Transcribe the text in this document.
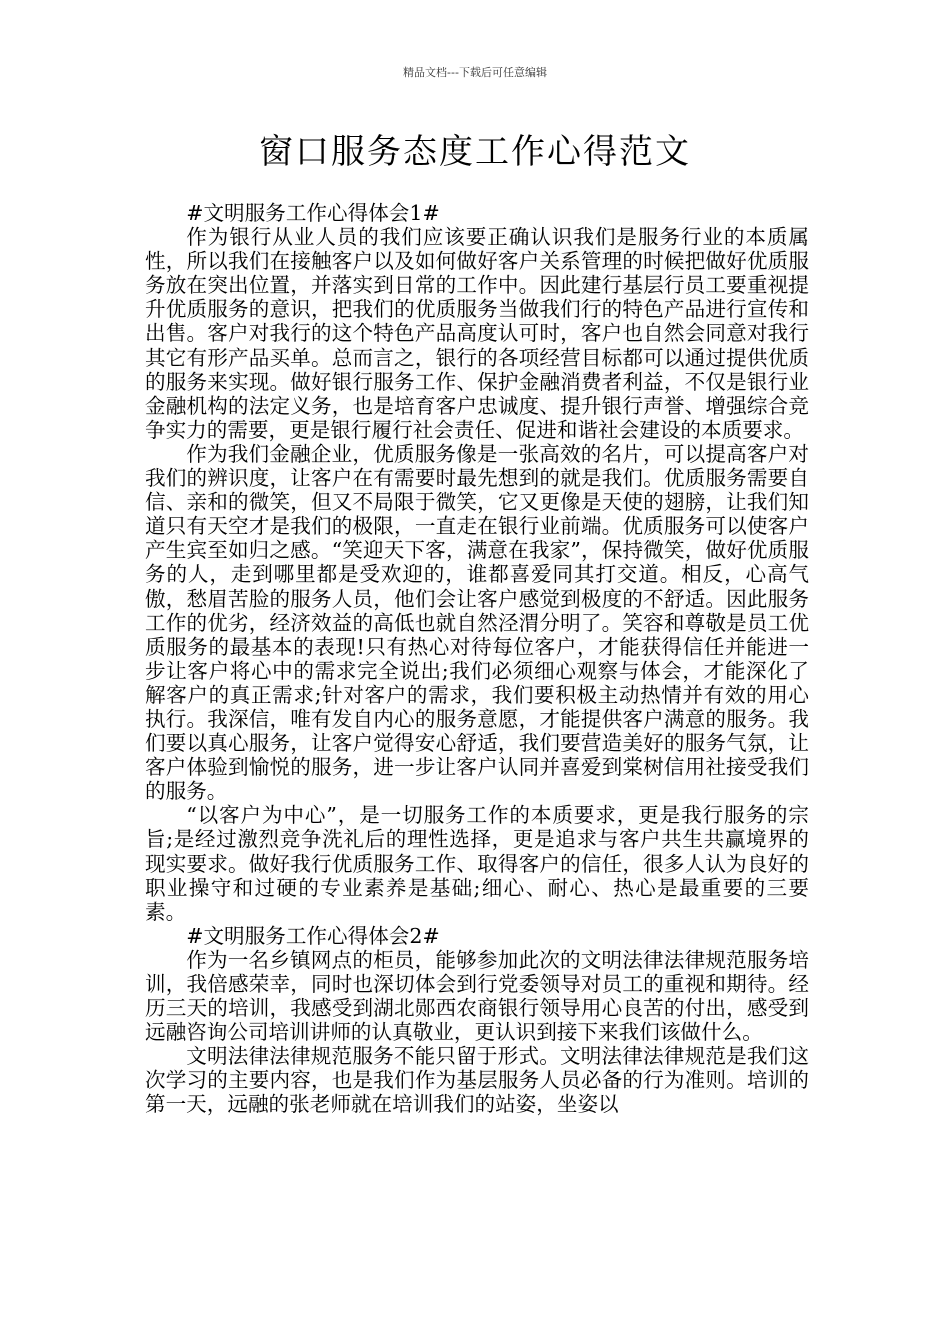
精品文档---下载后可任意编辑
窗口服务态度工作心得范文

#文明服务工作心得体会1#

作为银行从业人员的我们应该要正确认识我们是服务行业的本质属性，所以我们在接触客户以及如何做好客户关系管理的时候把做好优质服务放在突出位置，并落实到日常的工作中。因此建行基层行员工要重视提升优质服务的意识，把我们的优质服务当做我们行的特色产品进行宣传和出售。客户对我行的这个特色产品高度认可时，客户也自然会同意对我行其它有形产品买单。总而言之，银行的各项经营目标都可以通过提供优质的服务来实现。做好银行服务工作、保护金融消费者利益，不仅是银行业金融机构的法定义务，也是培育客户忠诚度、提升银行声誉、增强综合竞争实力的需要，更是银行履行社会责任、促进和谐社会建设的本质要求。

作为我们金融企业，优质服务像是一张高效的名片，可以提高客户对我们的辨识度，让客户在有需要时最先想到的就是我们。优质服务需要自信、亲和的微笑，但又不局限于微笑，它又更像是天使的翅膀，让我们知道只有天空才是我们的极限，一直走在银行业前端。优质服务可以使客户产生宾至如归之感。“笑迎天下客，满意在我家”，保持微笑，做好优质服务的人，走到哪里都是受欢迎的，谁都喜爱同其打交道。相反，心高气傲，愁眉苦脸的服务人员，他们会让客户感觉到极度的不舒适。因此服务工作的优劣，经济效益的高低也就自然泾渭分明了。笑容和尊敬是员工优质服务的最基本的表现!只有热心对待每位客户，才能获得信任并能进一步让客户将心中的需求完全说出;我们必须细心观察与体会，才能深化了解客户的真正需求;针对客户的需求，我们要积极主动热情并有效的用心执行。我深信，唯有发自内心的服务意愿，才能提供客户满意的服务。我们要以真心服务，让客户觉得安心舒适，我们要营造美好的服务气氛，让客户体验到愉悦的服务，进一步让客户认同并喜爱到棠树信用社接受我们的服务。

“以客户为中心”，是一切服务工作的本质要求，更是我行服务的宗旨;是经过激烈竞争洗礼后的理性选择，更是追求与客户共生共赢境界的现实要求。做好我行优质服务工作、取得客户的信任，很多人认为良好的职业操守和过硬的专业素养是基础;细心、耐心、热心是最重要的三要素。

#文明服务工作心得体会2#

作为一名乡镇网点的柜员，能够参加此次的文明法律法律规范服务培训，我倍感荣幸，同时也深切体会到行党委领导对员工的重视和期待。经历三天的培训，我感受到湖北郧西农商银行领导用心良苦的付出，感受到远融咨询公司培训讲师的认真敬业，更认识到接下来我们该做什么。

文明法律法律规范服务不能只留于形式。文明法律法律规范是我们这次学习的主要内容，也是我们作为基层服务人员必备的行为准则。培训的第一天，远融的张老师就在培训我们的站姿，坐姿以
